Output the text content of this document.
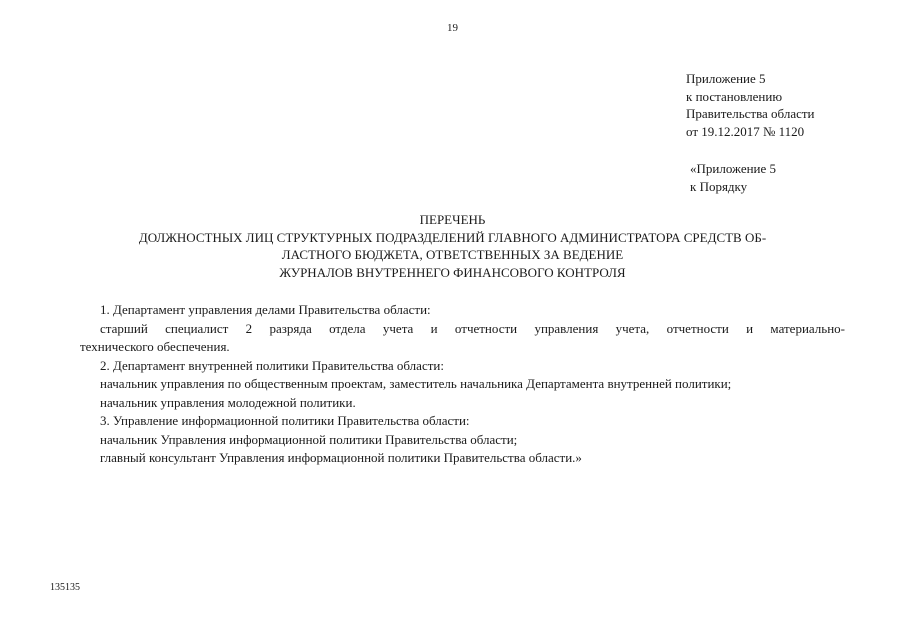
19
Приложение 5
к постановлению
Правительства области
от 19.12.2017 № 1120
«Приложение 5
к Порядку
ПЕРЕЧЕНЬ
ДОЛЖНОСТНЫХ ЛИЦ СТРУКТУРНЫХ ПОДРАЗДЕЛЕНИЙ ГЛАВНОГО АДМИНИСТРАТОРА СРЕДСТВ ОБ-
ЛАСТНОГО БЮДЖЕТА, ОТВЕТСТВЕННЫХ ЗА ВЕДЕНИЕ
ЖУРНАЛОВ ВНУТРЕННЕГО ФИНАНСОВОГО КОНТРОЛЯ
1. Департамент управления делами Правительства области:
старший специалист 2 разряда отдела учета и отчетности управления учета, отчетности и материально-
технического обеспечения.
2. Департамент внутренней политики Правительства области:
начальник управления по общественным проектам, заместитель начальника Департамента внутренней политики;
начальник управления молодежной политики.
3. Управление информационной политики Правительства области:
начальник Управления информационной политики Правительства области;
главный консультант Управления информационной политики Правительства области.»
135135
